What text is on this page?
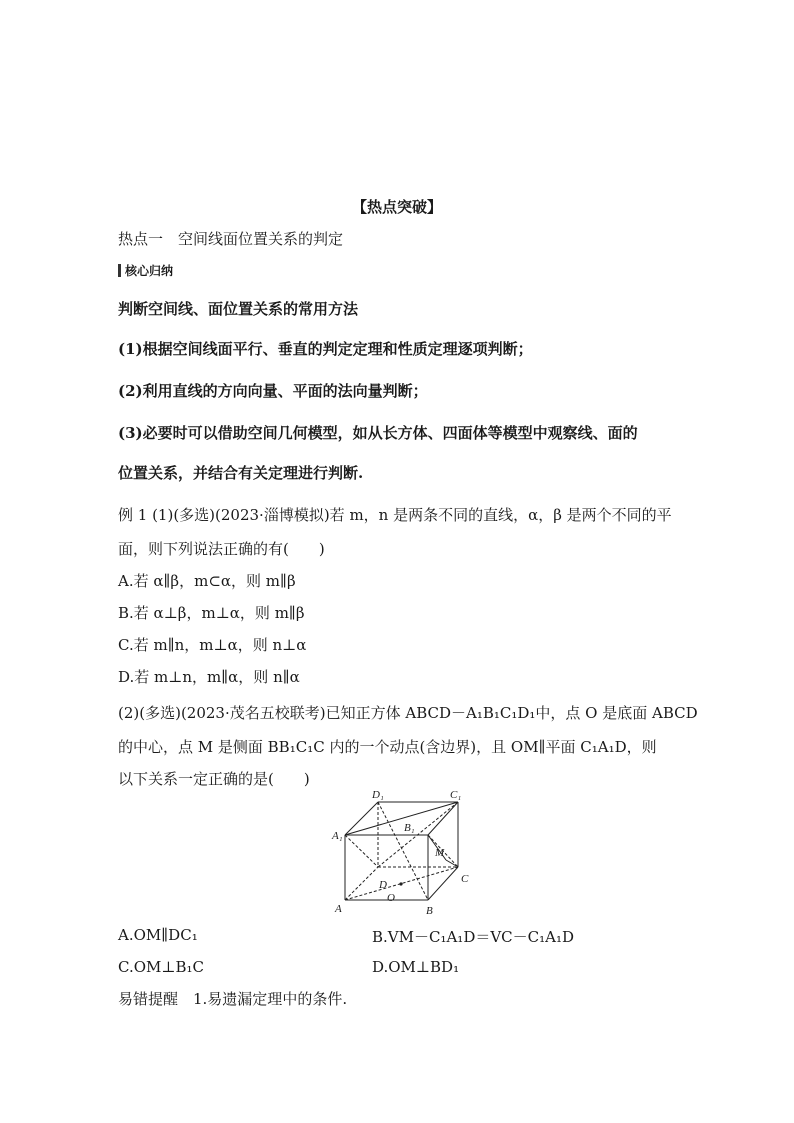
【热点突破】
热点一　空间线面位置关系的判定
核心归纳
判断空间线、面位置关系的常用方法
(1)根据空间线面平行、垂直的判定定理和性质定理逐项判断；
(2)利用直线的方向向量、平面的法向量判断；
(3)必要时可以借助空间几何模型，如从长方体、四面体等模型中观察线、面的
位置关系，并结合有关定理进行判断.
例 1 (1)(多选)(2023·淄博模拟)若 m，n 是两条不同的直线，α，β 是两个不同的平
面，则下列说法正确的有(　　)
A.若 α∥β，m⊂α，则 m∥β
B.若 α⊥β，m⊥α，则 m∥β
C.若 m∥n，m⊥α，则 n⊥α
D.若 m⊥n，m∥α，则 n∥α
(2)(多选)(2023·茂名五校联考)已知正方体 ABCD－A₁B₁C₁D₁中，点 O 是底面 ABCD
的中心，点 M 是侧面 BB₁C₁C 内的一个动点(含边界)，且 OM∥平面 C₁A₁D，则
以下关系一定正确的是(　　)
A₁
D₁	C₁
B₁
M
D	C
O
A	B
A.OM∥DC₁	B.VM－C₁A₁D＝VC－C₁A₁D
C.OM⊥B₁C	D.OM⊥BD₁
易错提醒　1.易遗漏定理中的条件.
